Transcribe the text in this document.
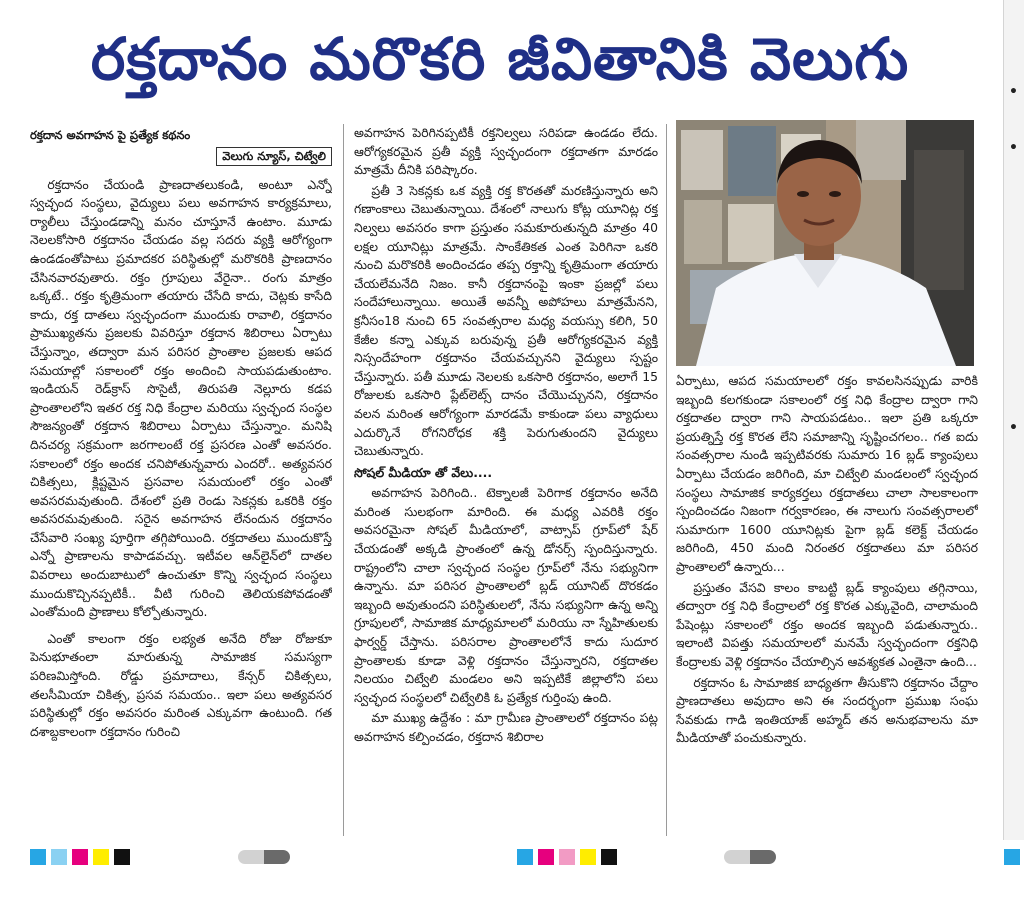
రక్తదానం మరొకరి జీవితానికి వెలుగు
రక్తదాన అవగాహన పై ప్రత్యేక కథనం
వెలుగు న్యూస్, చిట్వేలి

రక్తదానం చేయండి ప్రాణదాతలుకండి, అంటూ ఎన్నో స్వచ్ఛంద సంస్థలు, వైద్యులు పలు అవగాహన కార్యక్రమాలు, ర్యాలీలు చేస్తుండడాన్ని మనం చూస్తూనే ఉంటాం. మూడు నెలలకోసారి రక్తదానం చేయడం వల్ల సదరు వ్యక్తి ఆరోగ్యంగా ఉండడంతోపాటు ప్రమాదకర పరిస్థితుల్లో మరొకరికి ప్రాణదానం చేసినవారవుతారు. రక్తం గ్రూపులు వేరైనా.. రంగు మాత్రం ఒక్కటే.. రక్తం కృత్రిమంగా తయారు చేసేది కాదు, చెట్లకు కాసేది కాదు, రక్త దాతలు స్వచ్ఛందంగా ముందుకు రావాలి, రక్తదానం ప్రాముఖ్యతను ప్రజలకు వివరిస్తూ రక్తదాన శిబిరాలు ఏర్పాటు చేస్తున్నాం, తద్వారా మన పరిసర ప్రాంతాల ప్రజలకు ఆపద సమయాల్లో సకాలంలో రక్తం అందించి సాయపడుతుంటాం. ఇండియన్ రెడ్‌క్రాస్ సొసైటీ, తిరుపతి నెల్లూరు కడప ప్రాంతాలలోని ఇతర రక్త నిధి కేంద్రాల మరియు స్వచ్ఛంద సంస్థల సౌజన్యంతో రక్తదాన శిబిరాలు ఏర్పాటు చేస్తున్నాం. మనిషి దినచర్య సక్రమంగా జరగాలంటే రక్త ప్రసరణ ఎంతో అవసరం. సకాలంలో రక్తం అందక చనిపోతున్నవారు ఎందరో.. అత్యవసర చికిత్సలు, క్లిష్టమైన ప్రసవాల సమయంలో రక్తం ఎంతో అవసరమవుతుంది. దేశంలో ప్రతి రెండు సెకన్లకు ఒకరికి రక్తం అవసరమవుతుంది. సరైన అవగాహన లేనందున రక్తదానం చేసేవారి సంఖ్య పూర్తిగా తగ్గిపోయింది. రక్తదాతలు ముందుకొస్తే ఎన్నో ప్రాణాలను కాపాడవచ్చు. ఇటీవల ఆన్‌లైన్‌లో దాతల వివరాలు అందుబాటులో ఉంచుతూ కొన్ని స్వచ్ఛంద సంస్థలు ముందుకొచ్చినప్పటికీ.. వీటి గురించి తెలియకపోవడంతో ఎంతోమంది ప్రాణాలు కోల్పోతున్నారు.

ఎంతో కాలంగా రక్తం లభ్యత అనేది రోజు రోజుకూ పెనుభూతంలా మారుతున్న సామాజిక సమస్యగా పరిణమిస్తోంది. రోడ్డు ప్రమాదాలు, కేన్సర్ చికిత్సలు, తలసీమియా చికిత్స, ప్రసవ సమయం.. ఇలా పలు అత్యవసర పరిస్థితుల్లో రక్తం అవసరం మరింత ఎక్కువగా ఉంటుంది. గత దశాబ్దకాలంగా రక్తదానం గురించి

అవగాహన పెరిగినప్పటికీ రక్తనిల్వలు సరిపడా ఉండడం లేదు. ఆరోగ్యకరమైన ప్రతీ వ్యక్తి స్వచ్ఛందంగా రక్తదాతగా మారడం మాత్రమే దీనికి పరిష్కారం.

ప్రతీ 3 సెకన్లకు ఒక వ్యక్తి రక్త కొరతతో మరణిస్తున్నారు అని గణాంకాలు చెబుతున్నాయి. దేశంలో నాలుగు కోట్ల యూనిట్ల రక్త నిల్వలు అవసరం కాగా ప్రస్తుతం సమకూరుతున్నది మాత్రం 40 లక్షల యూనిట్లు మాత్రమే. సాంకేతికత ఎంత పెరిగినా ఒకరి నుంచి మరొకరికి అందించడం తప్ప రక్తాన్ని కృత్రిమంగా తయారు చేయలేమనేది నిజం. కానీ రక్తదానంపై ఇంకా ప్రజల్లో పలు సందేహాలున్నాయి. అయితే అవన్నీ అపోహలు మాత్రమేనని, క్రనీసం18 నుంచి 65 సంవత్సరాల మధ్య వయస్సు కలిగి, 50 కేజీల కన్నా ఎక్కువ బరువున్న ప్రతీ ఆరోగ్యకరమైన వ్యక్తి నిస్సందేహంగా రక్తదానం చేయవచ్చునని వైద్యులు స్పష్టం చేస్తున్నారు. పతీ మూడు నెలలకు ఒకసారి రక్తదానం, అలాగే 15 రోజులకు ఒకసారి ప్లేట్‌లెట్స్ దానం చేయొచ్చునని, రక్తదానం వలన మరింత ఆరోగ్యంగా మారడమే కాకుండా పలు వ్యాధులు ఎదుర్కొనే రోగనిరోధక శక్తి పెరుగుతుందని వైద్యులు చెబుతున్నారు.

సోషల్ మీడియా తో వేలు....

అవగాహన పెరిగింది.. టెక్నాలజీ పెరిగాక రక్తదానం అనేది మరింత సులభంగా మారింది. ఈ మధ్య ఎవరికి రక్తం అవసరమైనా సోషల్ మీడియాలో, వాట్సాప్ గ్రూప్‌లో షేర్ చేయడంతో అక్కడి ప్రాంతంలో ఉన్న డోనర్స్ స్పందిస్తున్నారు. రాష్ట్రంలోని చాలా స్వచ్ఛంద సంస్థల గ్రూప్‌లో నేను సభ్యునిగా ఉన్నాను. మా పరిసర ప్రాంతాలలో బ్లడ్ యూనిట్ దొరకడం ఇబ్బంది అవుతుందని పరిస్థితులలో, నేను సభ్యునిగా ఉన్న అన్ని గ్రూపులలో, సామాజిక మాధ్యమాలలో మరియు నా స్నేహితులకు ఫార్వర్డ్ చేస్తాను. పరిసరాల ప్రాంతాలలోనే కాదు సుదూర ప్రాంతాలకు కూడా వెళ్లి రక్తదానం చేస్తున్నారని, రక్తదాతల నిలయం చిట్వేలి మండలం అని ఇప్పటికే జిల్లాలోని పలు స్వచ్ఛంద సంస్థలలో చిట్వేలికి ఓ ప్రత్యేక గుర్తింపు ఉంది.

మా ముఖ్య ఉద్దేశం : మా గ్రామీణ ప్రాంతాలలో రక్తదానం పట్ల అవగాహన కల్పించడం, రక్తదాన శిబిరాల

ఏర్పాటు, ఆపద సమయాలలో రక్తం కావలసినప్పుడు వారికి ఇబ్బంది కలగకుండా సకాలంలో రక్త నిధి కేంద్రాల ద్వారా గాని రక్తదాతల ద్వారా గాని సాయపడటం.. ఇలా ప్రతి ఒక్కరూ ప్రయత్నిస్తే రక్త కొరత లేని సమాజాన్ని సృష్టించగలం.. గత ఐదు సంవత్సరాల నుండి ఇప్పటివరకు సుమారు 16 బ్లడ్ క్యాంపులు ఏర్పాటు చేయడం జరిగింది, మా చిట్వేలి మండలంలో స్వచ్ఛంద సంస్థలు సామాజిక కార్యకర్తలు రక్తదాతలు చాలా సాలకాలంగా స్పందించడం నిజంగా గర్వకారణం, ఈ నాలుగు సంవత్సరాలలో సుమారుగా 1600 యూనిట్లకు పైగా బ్లడ్ కలెక్ట్ చేయడం జరిగింది, 450 మంది నిరంతర రక్తదాతలు మా పరిసర ప్రాంతాలలో ఉన్నారు...

ప్రస్తుతం వేసవి కాలం కాబట్టి బ్లడ్ క్యాంపులు తగ్గినాయి, తద్వారా రక్త నిధి కేంద్రాలలో రక్త కొరత ఎక్కువైంది, చాలామంది పేషెంట్లు సకాలంలో రక్తం అందక ఇబ్బంది పడుతున్నారు.. ఇలాంటి విపత్తు సమయాలలో మనమే స్వచ్ఛందంగా రక్తనిధి కేంద్రాలకు వెళ్లి రక్తదానం చేయాల్సిన ఆవశ్యకత ఎంతైనా ఉంది...

రక్తదానం ఓ సామాజిక బాధ్యతగా తీసుకొని రక్తదానం చేద్దాం ప్రాణదాతలు అవుదాం అని ఈ సందర్భంగా ప్రముఖ సంఘ సేవకుడు గాడి ఇంతియాజ్ అహ్మద్ తన అనుభవాలను మా మీడియాతో పంచుకున్నారు.

•
•
•
